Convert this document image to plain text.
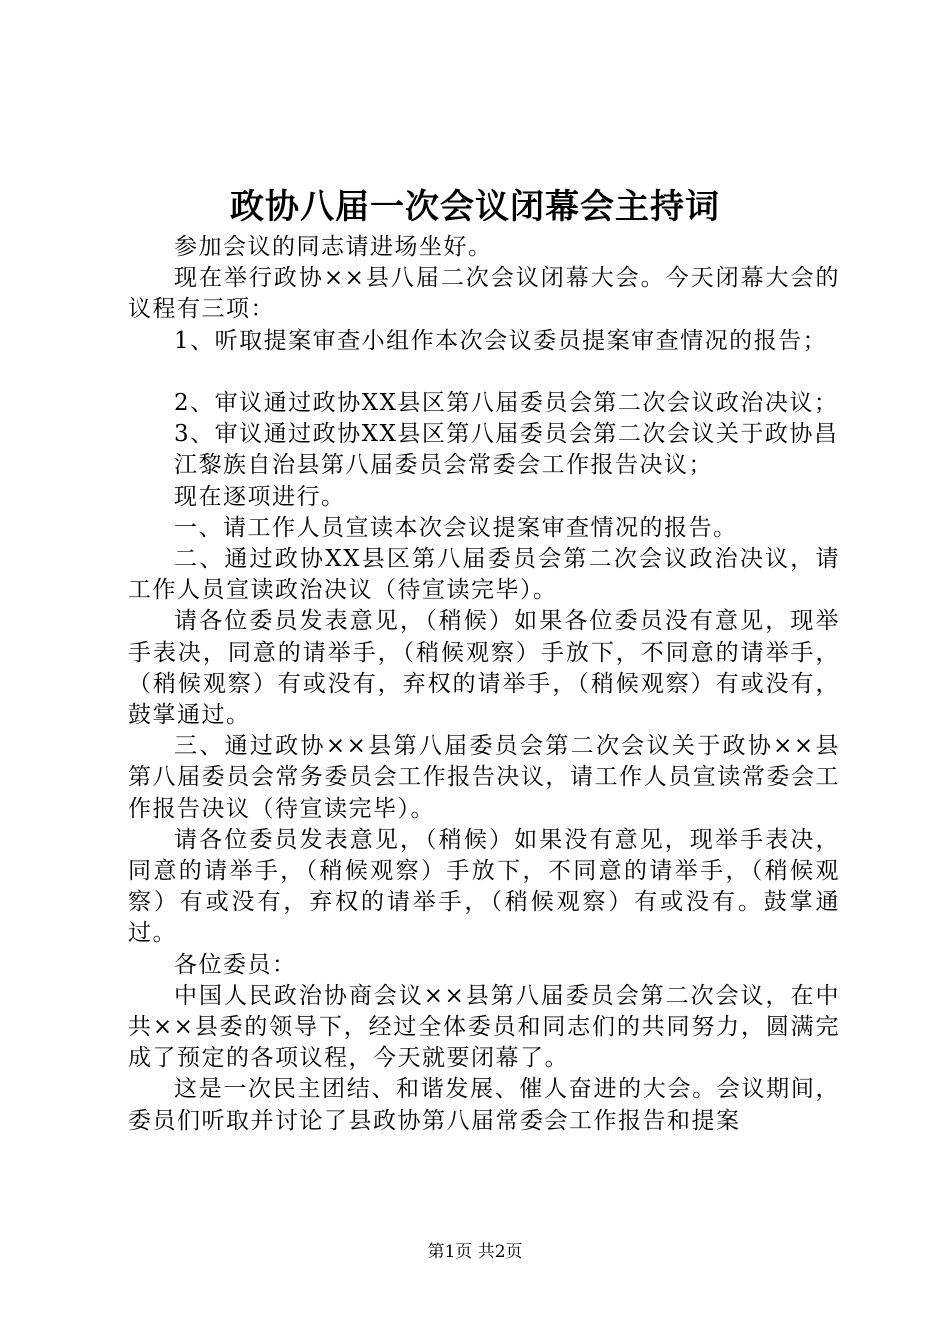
政协八届一次会议闭幕会主持词

参加会议的同志请进场坐好。

现在举行政协××县八届二次会议闭幕大会。今天闭幕大会的议程有三项：

1、听取提案审查小组作本次会议委员提案审查情况的报告；

2、审议通过政协XX县区第八届委员会第二次会议政治决议；

3、审议通过政协XX县区第八届委员会第二次会议关于政协昌

江黎族自治县第八届委员会常委会工作报告决议；

现在逐项进行。

一、请工作人员宣读本次会议提案审查情况的报告。

二、通过政协XX县区第八届委员会第二次会议政治决议，请工作人员宣读政治决议（待宣读完毕）。

请各位委员发表意见，（稍候）如果各位委员没有意见，现举手表决，同意的请举手，（稍候观察）手放下，不同意的请举手，（稍候观察）有或没有，弃权的请举手，（稍候观察）有或没有，鼓掌通过。

三、通过政协××县第八届委员会第二次会议关于政协××县第八届委员会常务委员会工作报告决议，请工作人员宣读常委会工作报告决议（待宣读完毕）。

请各位委员发表意见，（稍候）如果没有意见，现举手表决，同意的请举手，（稍候观察）手放下，不同意的请举手，（稍候观察）有或没有，弃权的请举手，（稍候观察）有或没有。鼓掌通过。

各位委员：

中国人民政治协商会议××县第八届委员会第二次会议，在中共××县委的领导下，经过全体委员和同志们的共同努力，圆满完成了预定的各项议程，今天就要闭幕了。

这是一次民主团结、和谐发展、催人奋进的大会。会议期间，委员们听取并讨论了县政协第八届常委会工作报告和提案

第1页 共2页
